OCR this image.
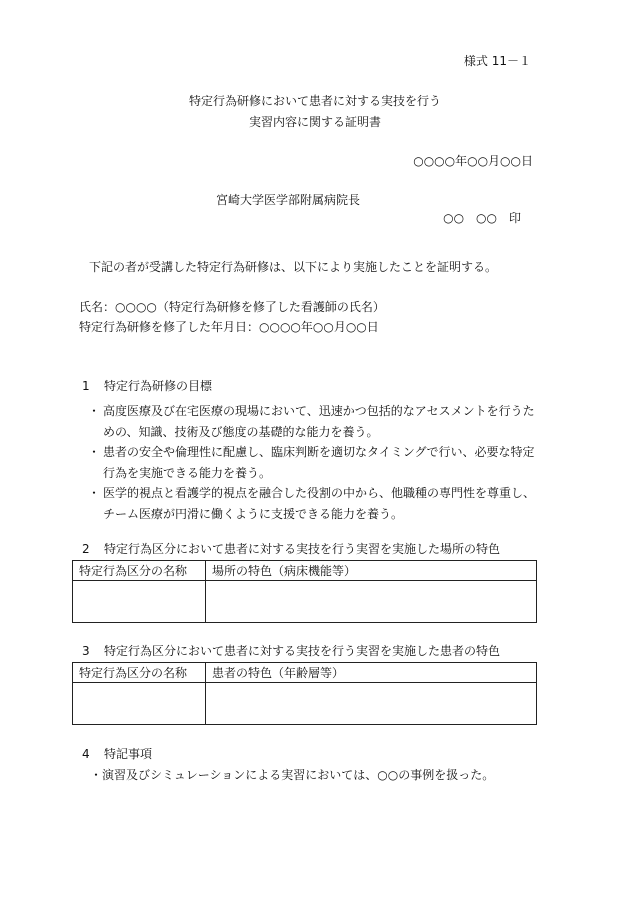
様式 11－１
特定行為研修において患者に対する実技を行う
実習内容に関する証明書
○○○○年○○月○○日
宮崎大学医学部附属病院長
○○　○○　印
下記の者が受講した特定行為研修は、以下により実施したことを証明する。
氏名：○○○○（特定行為研修を修了した看護師の氏名）
特定行為研修を修了した年月日：○○○○年○○月○○日
1 特定行為研修の目標
・ 高度医療及び在宅医療の現場において、迅速かつ包括的なアセスメントを行うための、知識、技術及び態度の基礎的な能力を養う。
・ 患者の安全や倫理性に配慮し、臨床判断を適切なタイミングで行い、必要な特定行為を実施できる能力を養う。
・ 医学的視点と看護学的視点を融合した役割の中から、他職種の専門性を尊重し、チーム医療が円滑に働くように支援できる能力を養う。
2 特定行為区分において患者に対する実技を行う実習を実施した場所の特色
特定行為区分の名称	場所の特色（病床機能等）

3 特定行為区分において患者に対する実技を行う実習を実施した患者の特色
特定行為区分の名称	患者の特色（年齢層等）

4 特記事項
・演習及びシミュレーションによる実習においては、○○の事例を扱った。
